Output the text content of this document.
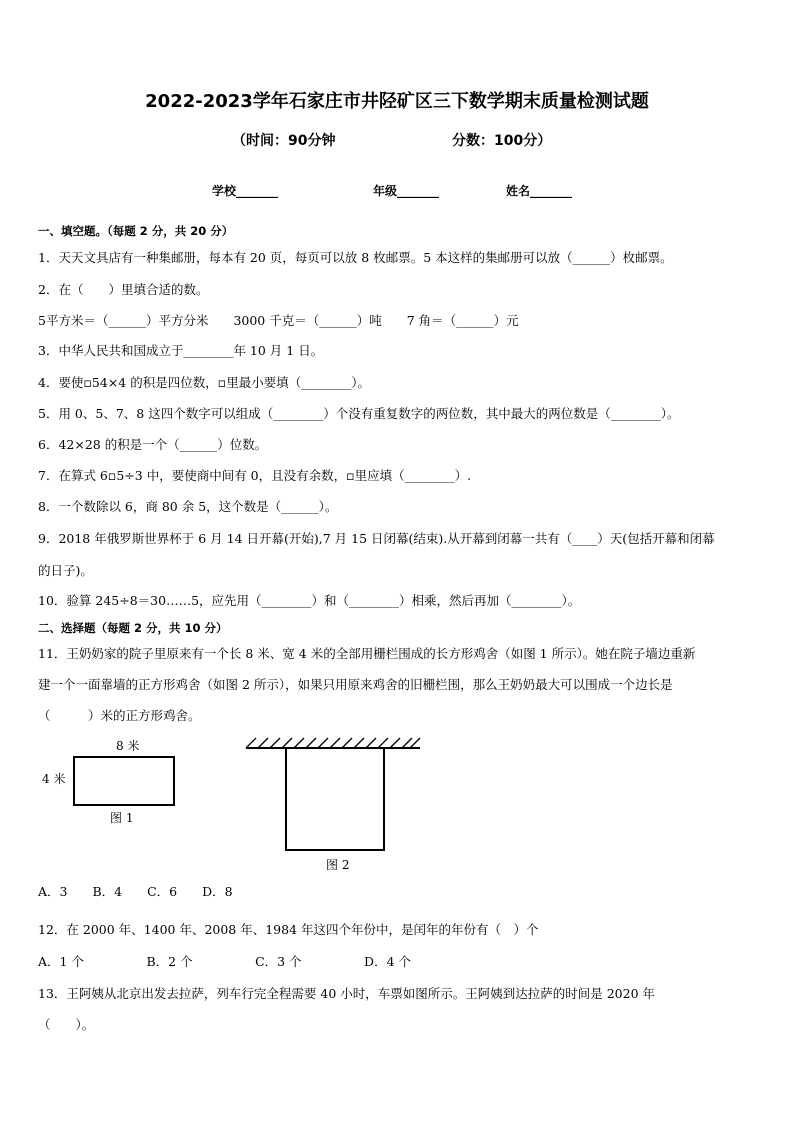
2022-2023学年石家庄市井陉矿区三下数学期末质量检测试题
（时间：90分钟	分数：100分）
学校_______	年级_______	姓名_______
一、填空题。（每题 2 分，共 20 分）
1．天天文具店有一种集邮册，每本有 20 页，每页可以放 8 枚邮票。5 本这样的集邮册可以放（______）枚邮票。
2．在（　　）里填合适的数。
5平方米＝（______）平方分米　　3000 千克＝（______）吨　　7 角＝（______）元
3．中华人民共和国成立于________年 10 月 1 日。
4．要使▫54×4 的积是四位数，▫里最小要填（________）。
5．用 0、5、7、8 这四个数字可以组成（________）个没有重复数字的两位数，其中最大的两位数是（________）。
6．42×28 的积是一个（______）位数。
7．在算式 6▫5÷3 中，要使商中间有 0，且没有余数，▫里应填（________）.
8．一个数除以 6，商 80 余 5，这个数是（______）。
9．2018 年俄罗斯世界杯于 6 月 14 日开幕(开始),7 月 15 日闭幕(结束).从开幕到闭幕一共有（____）天(包括开幕和闭幕
的日子)。
10．验算 245÷8＝30……5，应先用（________）和（________）相乘，然后再加（________）。
二、选择题（每题 2 分，共 10 分）
11．王奶奶家的院子里原来有一个长 8 米、宽 4 米的全部用栅栏围成的长方形鸡舍（如图 1 所示）。她在院子墙边重新
建一个一面靠墙的正方形鸡舍（如图 2 所示），如果只用原来鸡舍的旧栅栏围，那么王奶奶最大可以围成一个边长是
（　　　）米的正方形鸡舍。
8 米
4 米
图 1
图 2
A．3　　B．4　　C．6　　D．8
12．在 2000 年、1400 年、2008 年、1984 年这四个年份中，是闰年的年份有（　）个
A．1 个　　　　　B．2 个　　　　　C．3 个　　　　　D．4 个
13．王阿姨从北京出发去拉萨，列车行完全程需要 40 小时，车票如图所示。王阿姨到达拉萨的时间是 2020 年
（　　）。
